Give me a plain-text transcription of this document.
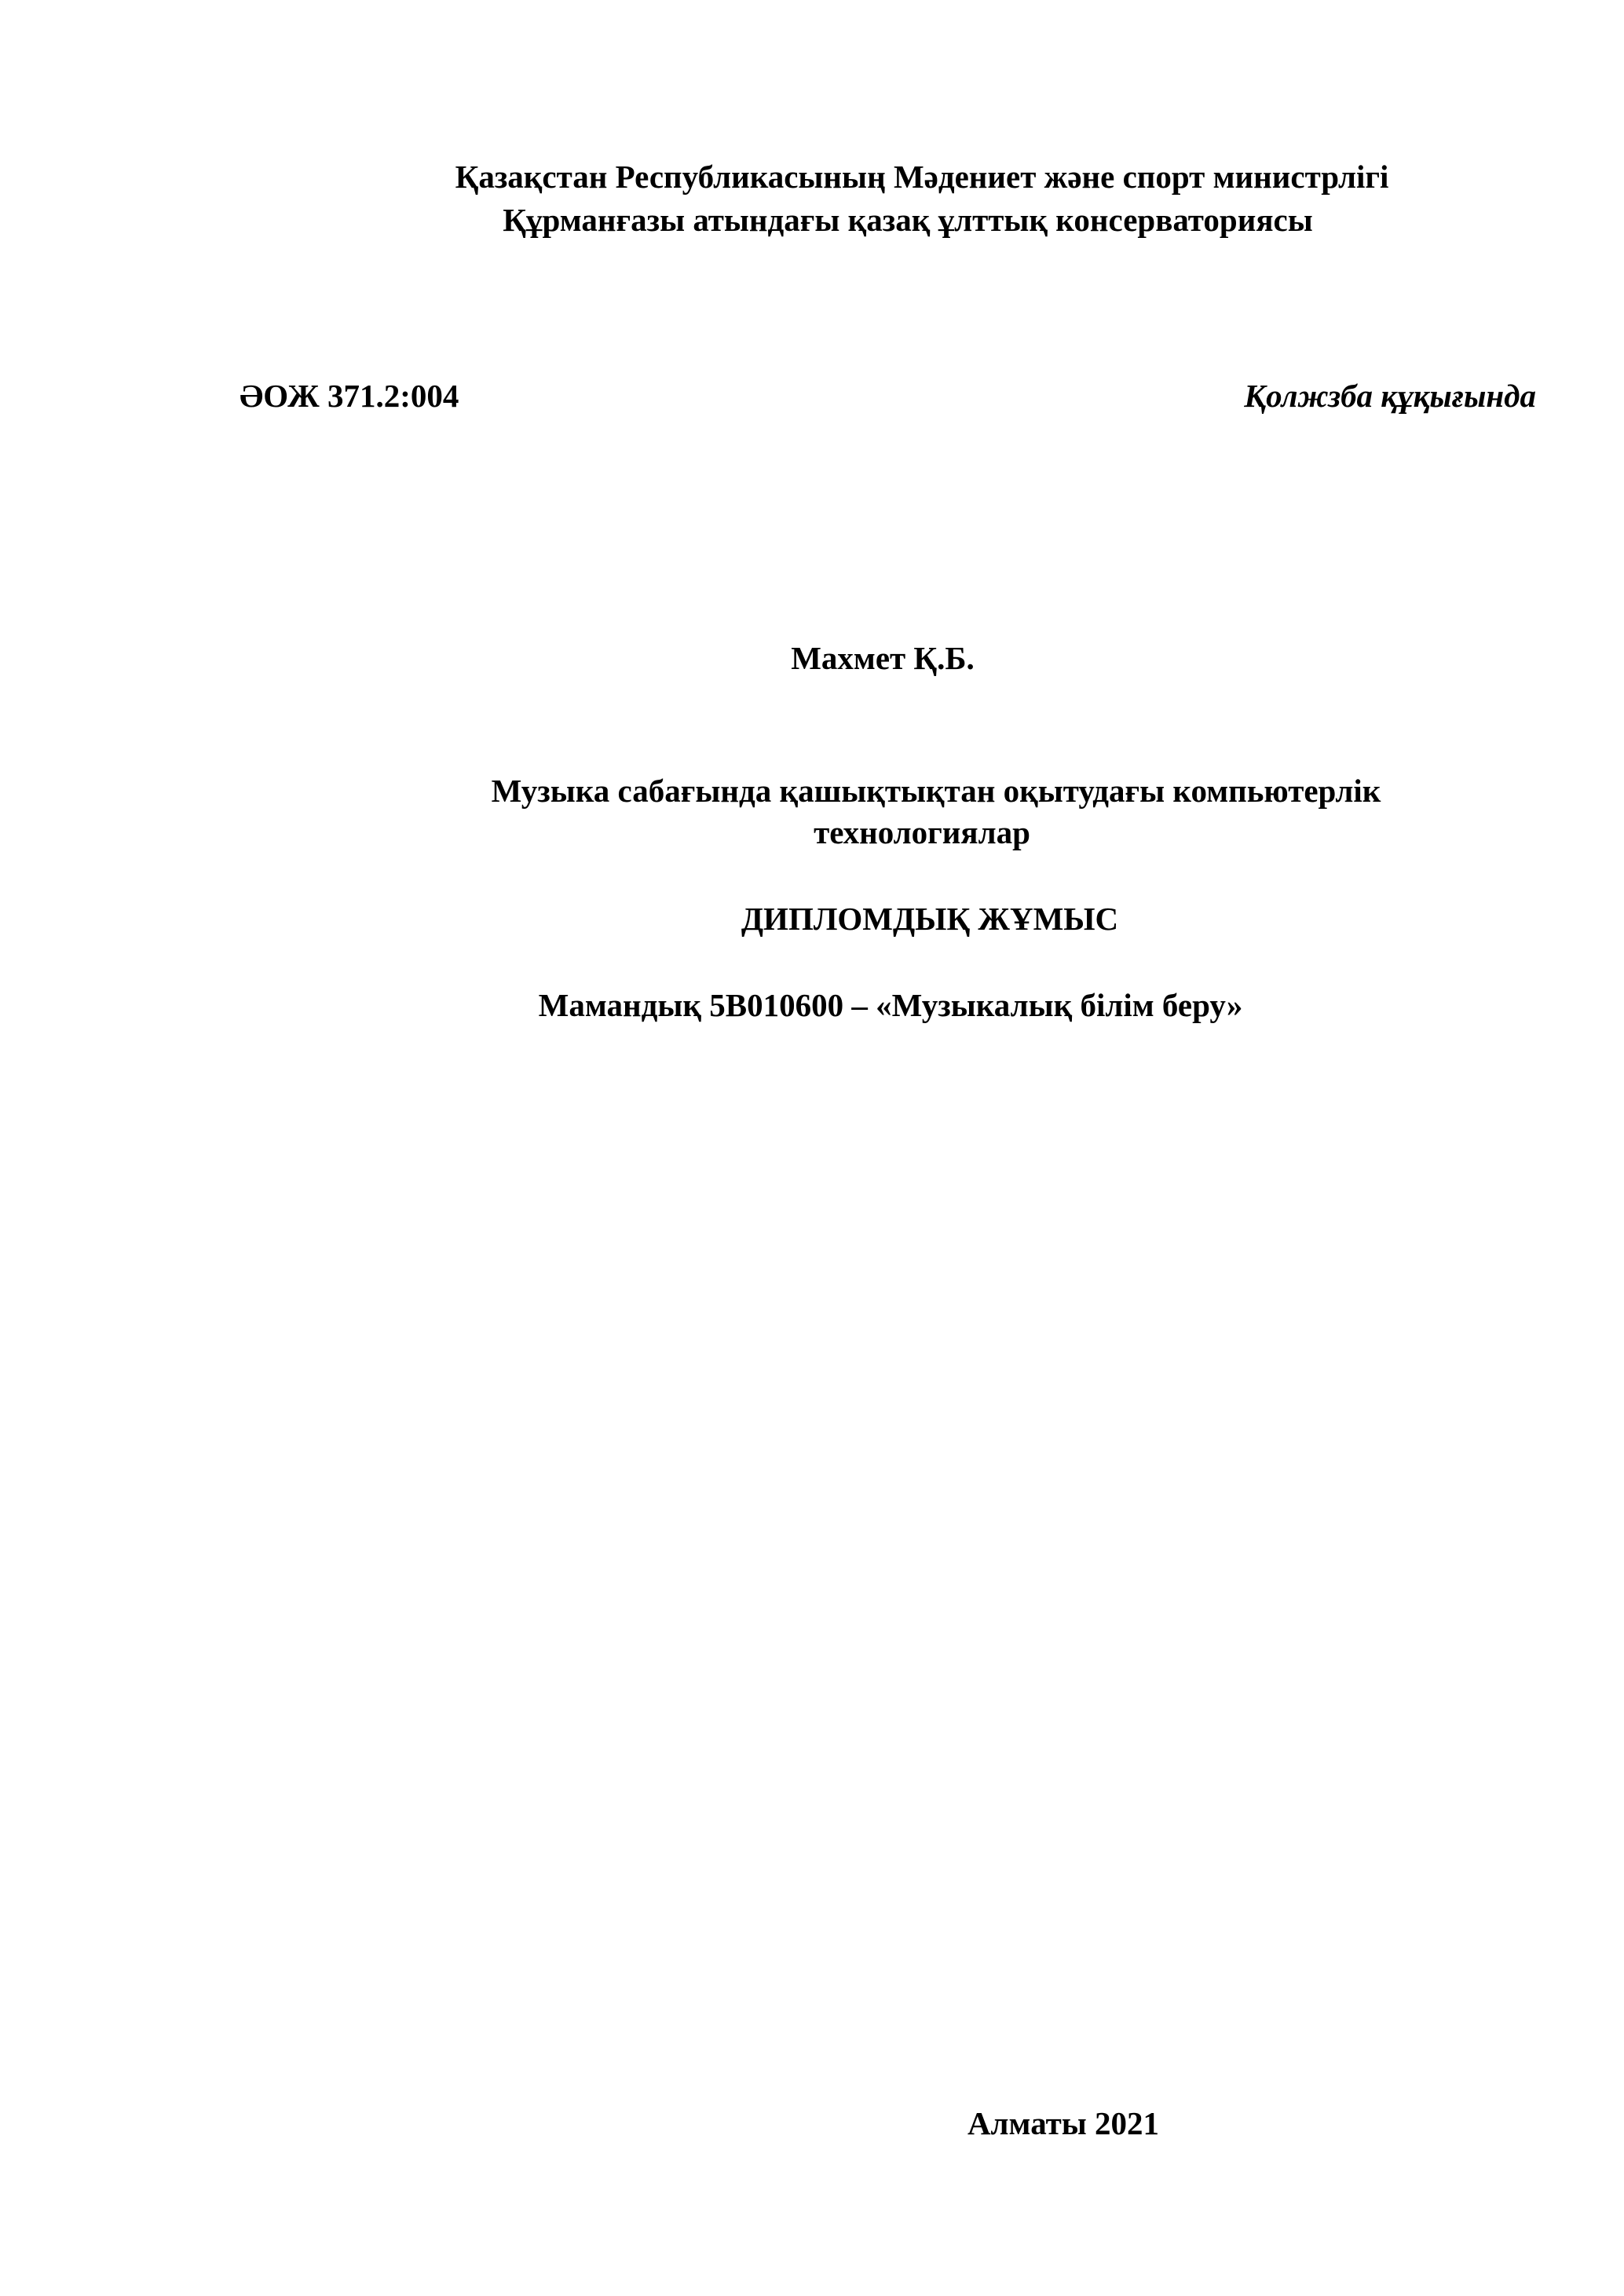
Қазақстан Республикасының Мәдениет және спорт министрлігі
Құрманғазы атындағы қазақ ұлттық консерваториясы
ӘОЖ 371.2:004	Қолжзба құқығында
Махмет Қ.Б.
Музыка сабағында қашықтықтан оқытудағы компьютерлік
технологиялар
ДИПЛОМДЫҚ ЖҰМЫС
Мамандық 5В010600 – «Музыкалық білім беру»
Алматы 2021
